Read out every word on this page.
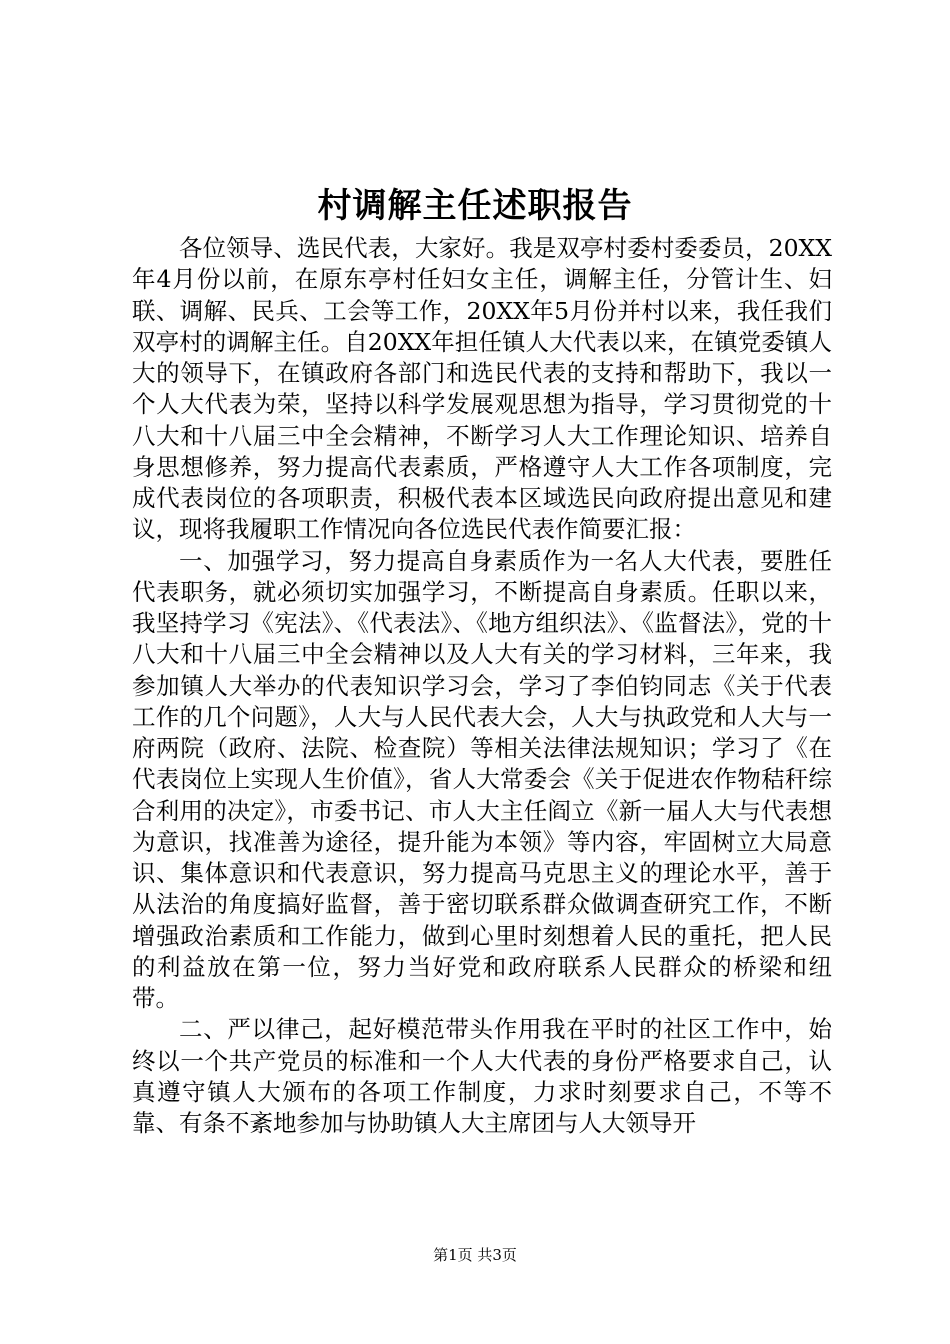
村调解主任述职报告

各位领导、选民代表，大家好。我是双亭村委村委委员，20XX年4月份以前，在原东亭村任妇女主任，调解主任，分管计生、妇联、调解、民兵、工会等工作，20XX年5月份并村以来，我任我们双亭村的调解主任。自20XX年担任镇人大代表以来，在镇党委镇人大的领导下，在镇政府各部门和选民代表的支持和帮助下，我以一个人大代表为荣，坚持以科学发展观思想为指导，学习贯彻党的十八大和十八届三中全会精神，不断学习人大工作理论知识、培养自身思想修养，努力提高代表素质，严格遵守人大工作各项制度，完成代表岗位的各项职责，积极代表本区域选民向政府提出意见和建议，现将我履职工作情况向各位选民代表作简要汇报：

一、加强学习，努力提高自身素质作为一名人大代表，要胜任代表职务，就必须切实加强学习，不断提高自身素质。任职以来，我坚持学习《宪法》、《代表法》、《地方组织法》、《监督法》，党的十八大和十八届三中全会精神以及人大有关的学习材料，三年来，我参加镇人大举办的代表知识学习会，学习了李伯钧同志《关于代表工作的几个问题》，人大与人民代表大会，人大与执政党和人大与一府两院（政府、法院、检查院）等相关法律法规知识；学习了《在代表岗位上实现人生价值》，省人大常委会《关于促进农作物秸秆综合利用的决定》，市委书记、市人大主任阎立《新一届人大与代表想为意识，找准善为途径，提升能为本领》等内容，牢固树立大局意识、集体意识和代表意识，努力提高马克思主义的理论水平，善于从法治的角度搞好监督，善于密切联系群众做调查研究工作，不断增强政治素质和工作能力，做到心里时刻想着人民的重托，把人民的利益放在第一位，努力当好党和政府联系人民群众的桥梁和纽带。

二、严以律己，起好模范带头作用我在平时的社区工作中，始终以一个共产党员的标准和一个人大代表的身份严格要求自己，认真遵守镇人大颁布的各项工作制度，力求时刻要求自己，不等不靠、有条不紊地参加与协助镇人大主席团与人大领导开

第1页 共3页
